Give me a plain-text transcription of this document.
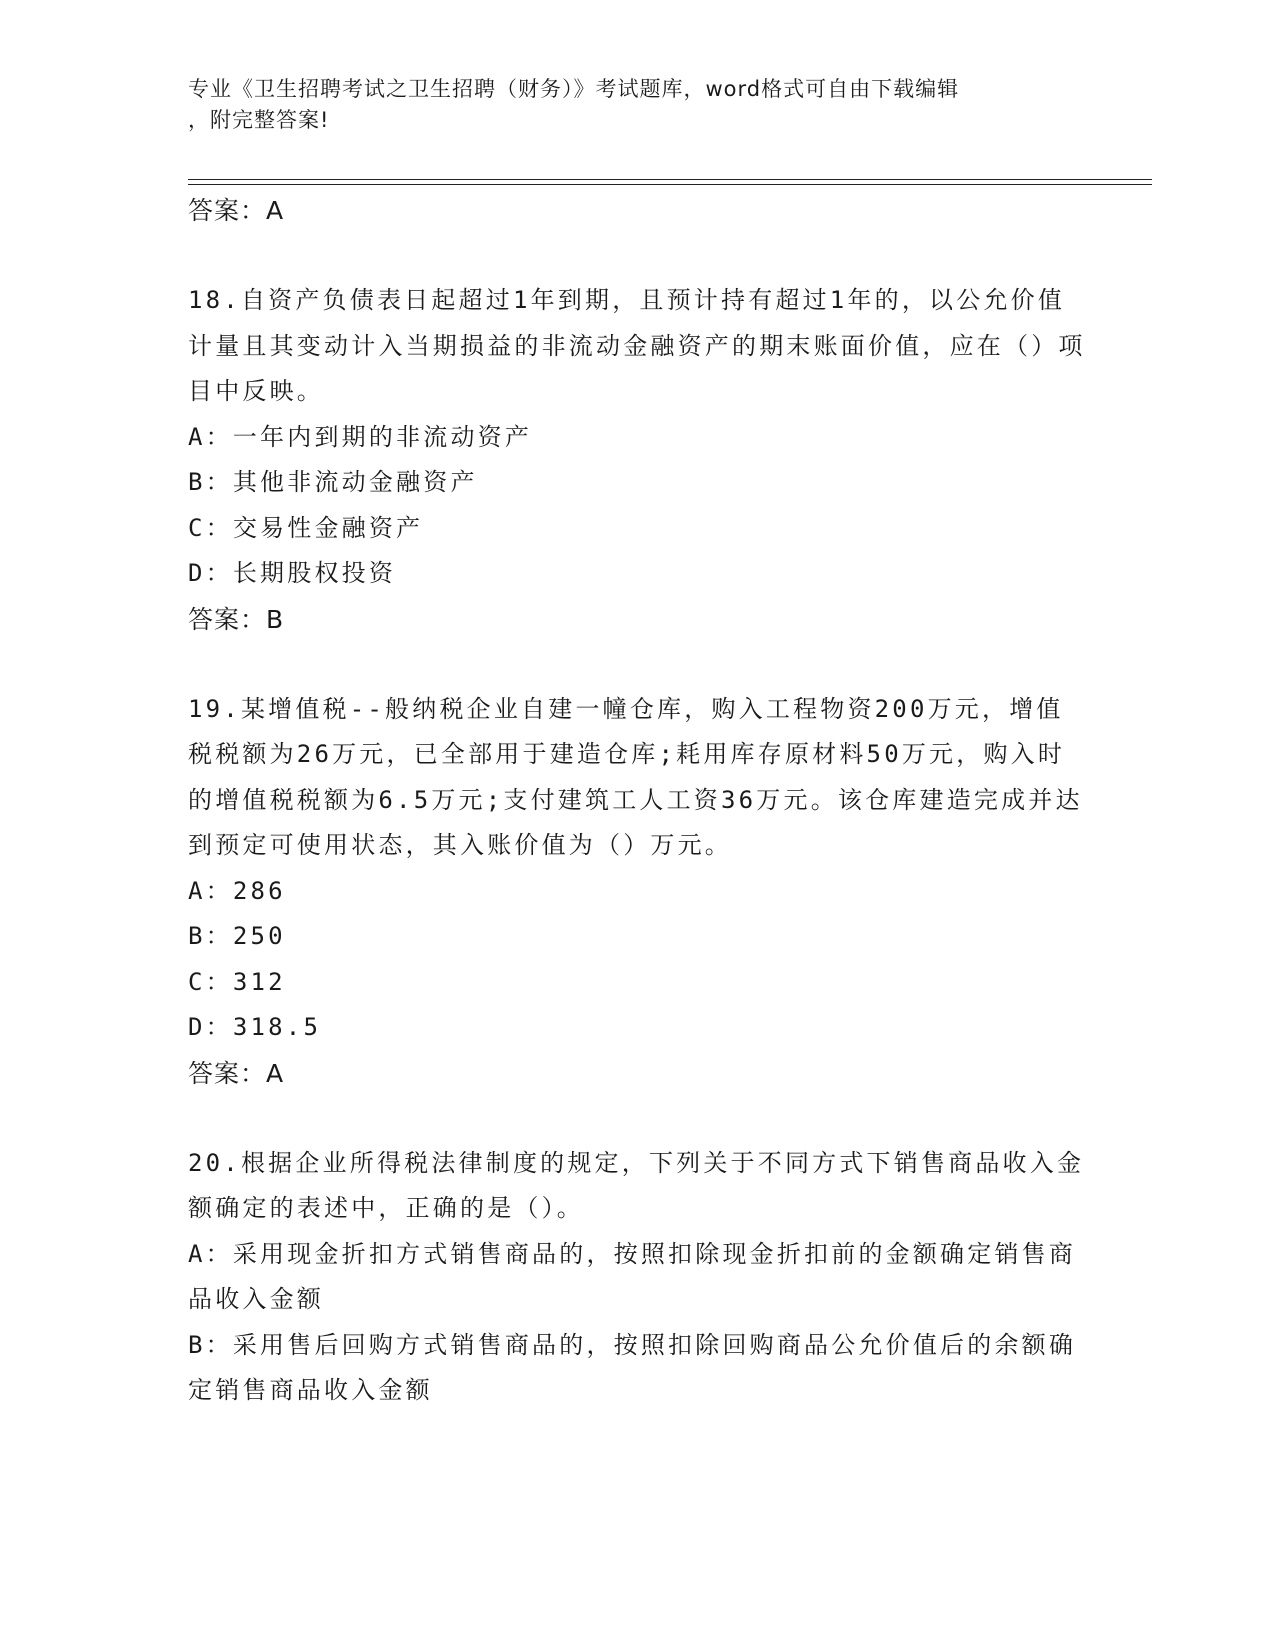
专业《卫生招聘考试之卫生招聘（财务）》考试题库，word格式可自由下载编辑
，附完整答案!
答案：A
18.自资产负债表日起超过1年到期，且预计持有超过1年的，以公允价值计量且其变动计入当期损益的非流动金融资产的期末账面价值，应在（）项目中反映。
A：一年内到期的非流动资产
B：其他非流动金融资产
C：交易性金融资产
D：长期股权投资
答案：B
19.某增值税--般纳税企业自建一幢仓库，购入工程物资200万元，增值税税额为26万元，已全部用于建造仓库;耗用库存原材料50万元，购入时的增值税税额为6.5万元;支付建筑工人工资36万元。该仓库建造完成并达到预定可使用状态，其入账价值为（）万元。
A：286
B：250
C：312
D：318.5
答案：A
20.根据企业所得税法律制度的规定，下列关于不同方式下销售商品收入金额确定的表述中，正确的是（）。
A：采用现金折扣方式销售商品的，按照扣除现金折扣前的金额确定销售商品收入金额
B：采用售后回购方式销售商品的，按照扣除回购商品公允价值后的余额确定销售商品收入金额
